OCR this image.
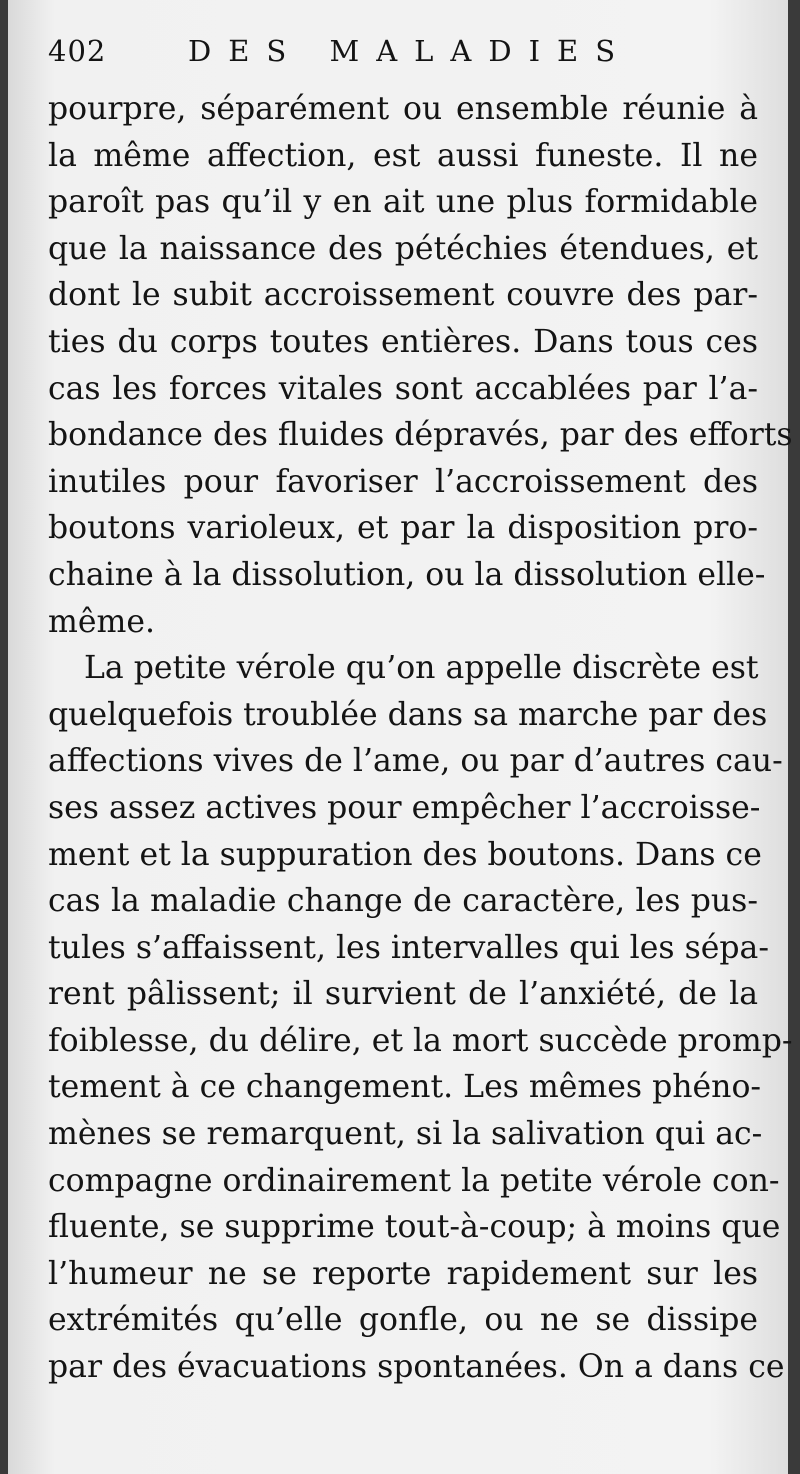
402	DES MALADIES
pourpre, séparément ou ensemble réunie à
la même affection, est aussi funeste. Il ne
paroît pas qu’il y en ait une plus formidable
que la naissance des pétéchies étendues, et
dont le subit accroissement couvre des par-
ties du corps toutes entières. Dans tous ces
cas les forces vitales sont accablées par l’a-
bondance des fluides dépravés, par des efforts
inutiles pour favoriser l’accroissement des
boutons varioleux, et par la disposition pro-
chaine à la dissolution, ou la dissolution elle-
même.
La petite vérole qu’on appelle discrète est
quelquefois troublée dans sa marche par des
affections vives de l’ame, ou par d’autres cau-
ses assez actives pour empêcher l’accroisse-
ment et la suppuration des boutons. Dans ce
cas la maladie change de caractère, les pus-
tules s’affaissent, les intervalles qui les sépa-
rent pâlissent; il survient de l’anxiété, de la
foiblesse, du délire, et la mort succède promp-
tement à ce changement. Les mêmes phéno-
mènes se remarquent, si la salivation qui ac-
compagne ordinairement la petite vérole con-
fluente, se supprime tout-à-coup; à moins que
l’humeur ne se reporte rapidement sur les
extrémités qu’elle gonfle, ou ne se dissipe
par des évacuations spontanées. On a dans ce
